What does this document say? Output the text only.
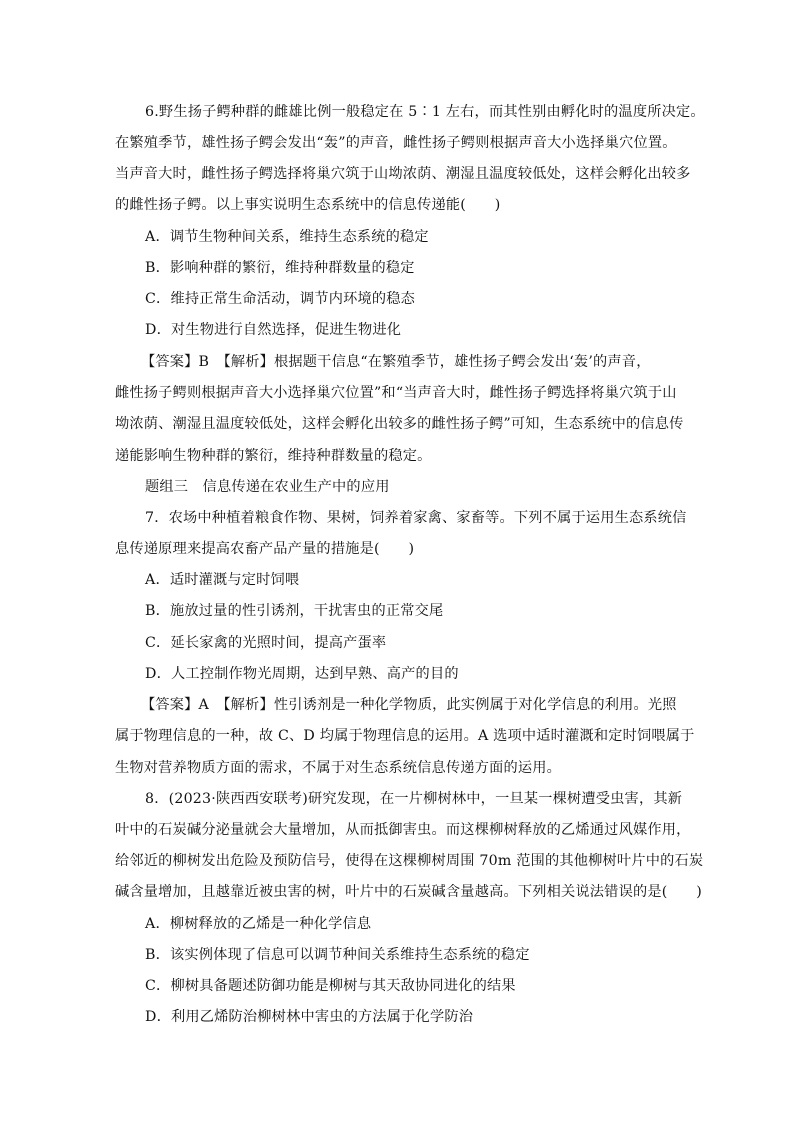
6.野生扬子鳄种群的雌雄比例一般稳定在 5∶1 左右，而其性别由孵化时的温度所决定。
在繁殖季节，雄性扬子鳄会发出“轰”的声音，雌性扬子鳄则根据声音大小选择巢穴位置。
当声音大时，雌性扬子鳄选择将巢穴筑于山坳浓荫、潮湿且温度较低处，这样会孵化出较多
的雌性扬子鳄。以上事实说明生态系统中的信息传递能(　　)
A．调节生物种间关系，维持生态系统的稳定
B．影响种群的繁衍，维持种群数量的稳定
C．维持正常生命活动，调节内环境的稳态
D．对生物进行自然选择，促进生物进化
【答案】B　【解析】根据题干信息“在繁殖季节，雄性扬子鳄会发出‘轰’的声音，
雌性扬子鳄则根据声音大小选择巢穴位置”和“当声音大时，雌性扬子鳄选择将巢穴筑于山
坳浓荫、潮湿且温度较低处，这样会孵化出较多的雌性扬子鳄”可知，生态系统中的信息传
递能影响生物种群的繁衍，维持种群数量的稳定。
题组三　信息传递在农业生产中的应用
7．农场中种植着粮食作物、果树，饲养着家禽、家畜等。下列不属于运用生态系统信
息传递原理来提高农畜产品产量的措施是(　　)
A．适时灌溉与定时饲喂
B．施放过量的性引诱剂，干扰害虫的正常交尾
C．延长家禽的光照时间，提高产蛋率
D．人工控制作物光周期，达到早熟、高产的目的
【答案】A　【解析】性引诱剂是一种化学物质，此实例属于对化学信息的利用。光照
属于物理信息的一种，故 C、D 均属于物理信息的运用。A 选项中适时灌溉和定时饲喂属于
生物对营养物质方面的需求，不属于对生态系统信息传递方面的运用。
8．(2023·陕西西安联考)研究发现，在一片柳树林中，一旦某一棵树遭受虫害，其新
叶中的石炭碱分泌量就会大量增加，从而抵御害虫。而这棵柳树释放的乙烯通过风媒作用，
给邻近的柳树发出危险及预防信号，使得在这棵柳树周围 70m 范围的其他柳树叶片中的石炭
碱含量增加，且越靠近被虫害的树，叶片中的石炭碱含量越高。下列相关说法错误的是(　　)
A．柳树释放的乙烯是一种化学信息
B．该实例体现了信息可以调节种间关系维持生态系统的稳定
C．柳树具备题述防御功能是柳树与其天敌协同进化的结果
D．利用乙烯防治柳树林中害虫的方法属于化学防治
